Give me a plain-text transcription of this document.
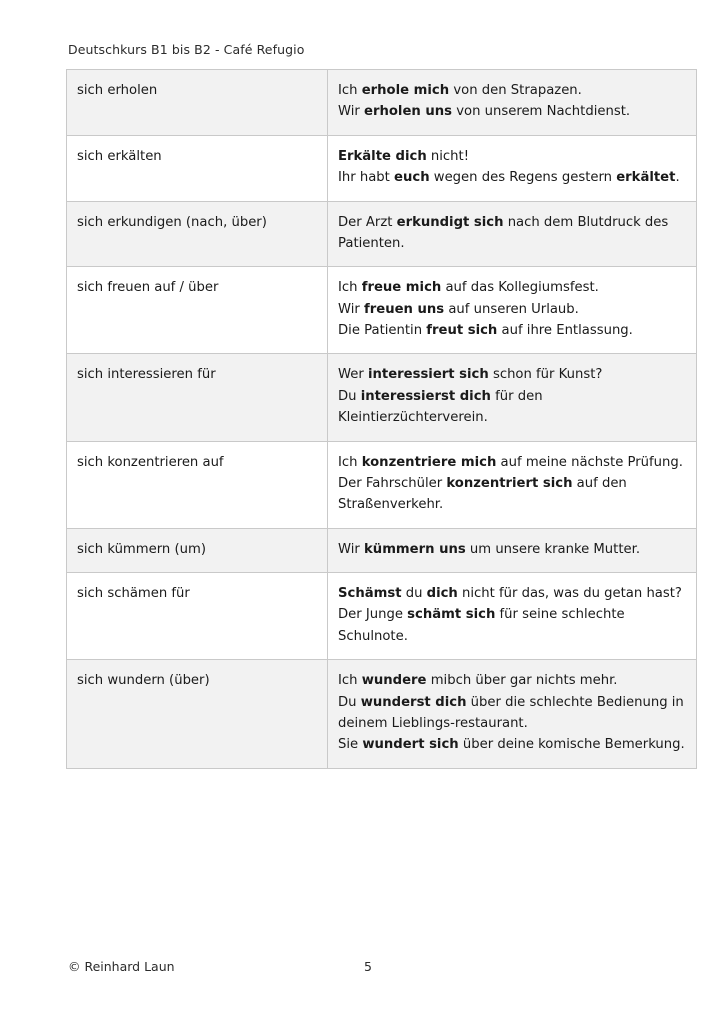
Deutschkurs B1 bis B2 - Café Refugio
sich erholen	Ich erhole mich von den Strapazen.
Wir erholen uns von unserem Nachtdienst.

sich erkälten	Erkälte dich nicht!
Ihr habt euch wegen des Regens gestern erkältet.

sich erkundigen (nach, über)	Der Arzt erkundigt sich nach dem Blutdruck des Patienten.

sich freuen auf / über	Ich freue mich auf das Kollegiumsfest.
Wir freuen uns auf unseren Urlaub.
Die Patientin freut sich auf ihre Entlassung.

sich interessieren für	Wer interessiert sich schon für Kunst?
Du interessierst dich für den Kleintierzüchterverein.

sich konzentrieren auf	Ich konzentriere mich auf meine nächste Prüfung.
Der Fahrschüler konzentriert sich auf den Straßenverkehr.

sich kümmern (um)	Wir kümmern uns um unsere kranke Mutter.

sich schämen für	Schämst du dich nicht für das, was du getan hast?
Der Junge schämt sich für seine schlechte Schulnote.

sich wundern (über)	Ich wundere mibch über gar nichts mehr.
Du wunderst dich über die schlechte Bedienung in deinem Lieblings-restaurant.
Sie wundert sich über deine komische Bemerkung.
© Reinhard Laun	5
